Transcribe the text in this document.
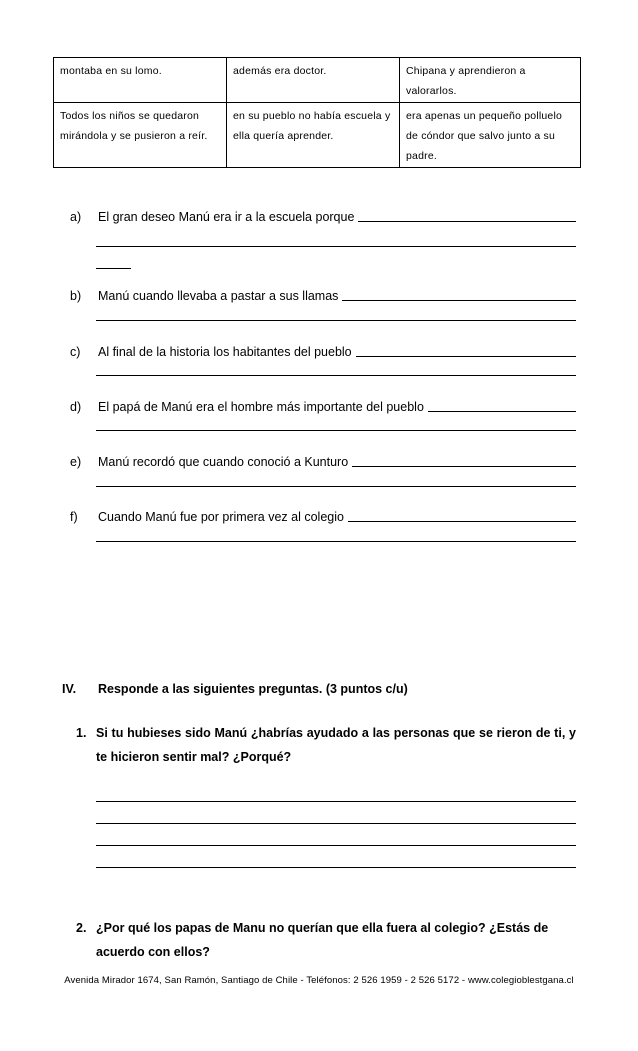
montaba en su lomo.	además era doctor.	Chipana y aprendieron a valorarlos.
Todos los niños se quedaron mirándola y se pusieron a reír.	en su pueblo no había escuela y ella quería aprender.	era apenas un pequeño polluelo de cóndor que salvo junto a su padre.
a) El gran deseo Manú era ir a la escuela porque
b) Manú cuando llevaba a pastar a sus llamas
c) Al final de la historia los habitantes del pueblo
d) El papá de Manú era el hombre más importante del pueblo
e) Manú recordó que cuando conoció a Kunturo
f) Cuando Manú fue por primera vez al colegio
IV. Responde a las siguientes preguntas. (3 puntos c/u)
1. Si tu hubieses sido Manú ¿habrías ayudado a las personas que se rieron de ti, y te hicieron sentir mal? ¿Porqué?
2. ¿Por qué los papas de Manu no querían que ella fuera al colegio? ¿Estás de acuerdo con ellos?
Avenida Mirador 1674, San Ramón, Santiago de Chile - Teléfonos: 2 526 1959 - 2 526 5172 - www.colegioblestgana.cl
